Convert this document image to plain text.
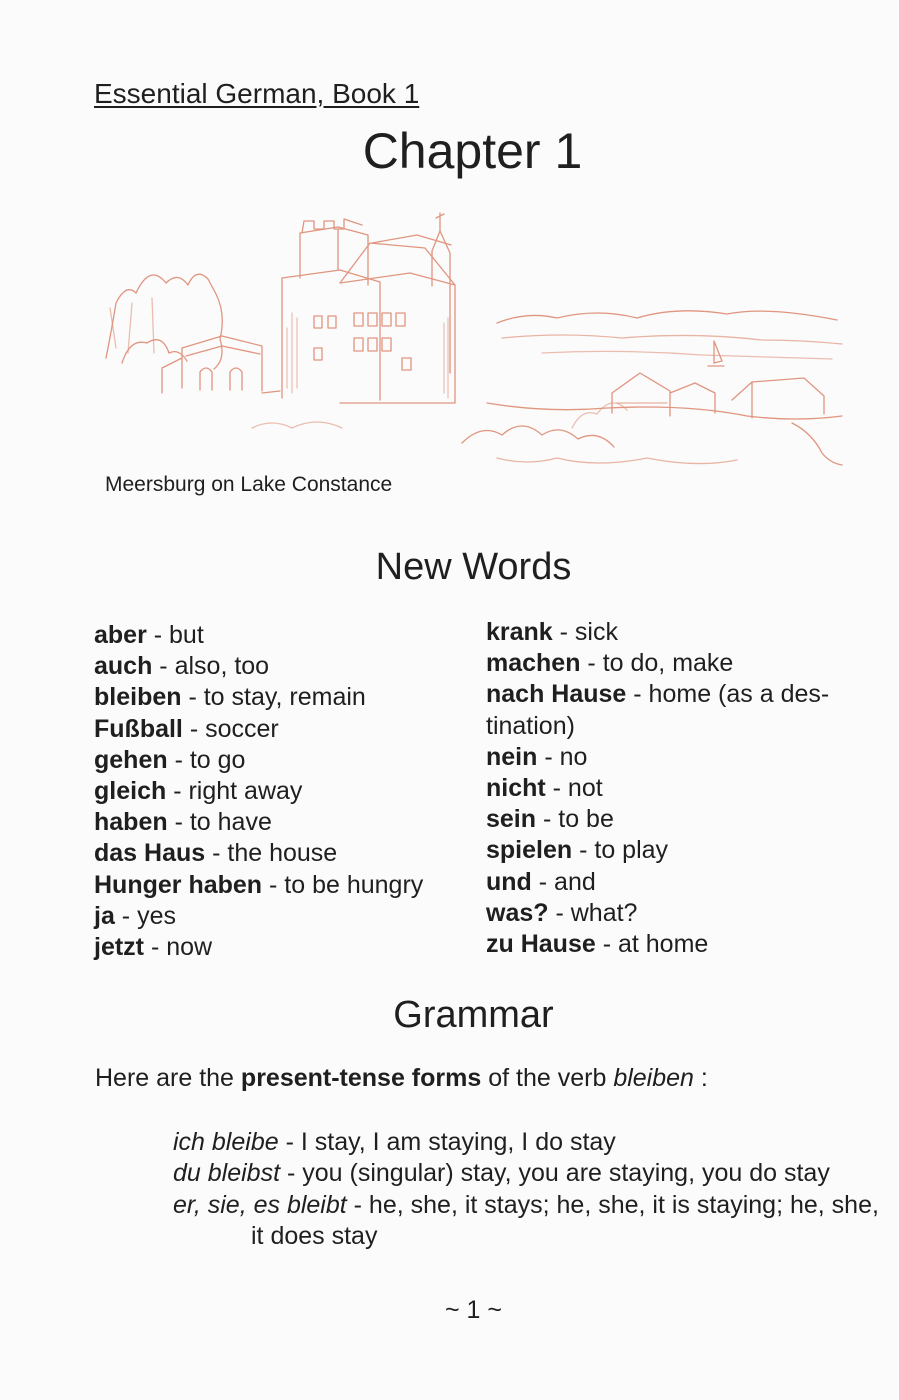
Essential German, Book 1
Chapter 1
Meersburg on Lake Constance
New Words
aber - but
auch - also, too
bleiben - to stay, remain
Fußball - soccer
gehen - to go
gleich - right away
haben - to have
das Haus - the house
Hunger haben - to be hungry
ja - yes
jetzt - now
krank - sick
machen - to do, make
nach Hause - home (as a des-
tination)
nein - no
nicht - not
sein - to be
spielen - to play
und - and
was? - what?
zu Hause - at home
Grammar

Here are the present-tense forms of the verb bleiben :

ich bleibe - I stay, I am staying, I do stay
du bleibst - you (singular) stay, you are staying, you do stay
er, sie, es bleibt - he, she, it stays; he, she, it is staying; he, she, it does stay
~ 1 ~
